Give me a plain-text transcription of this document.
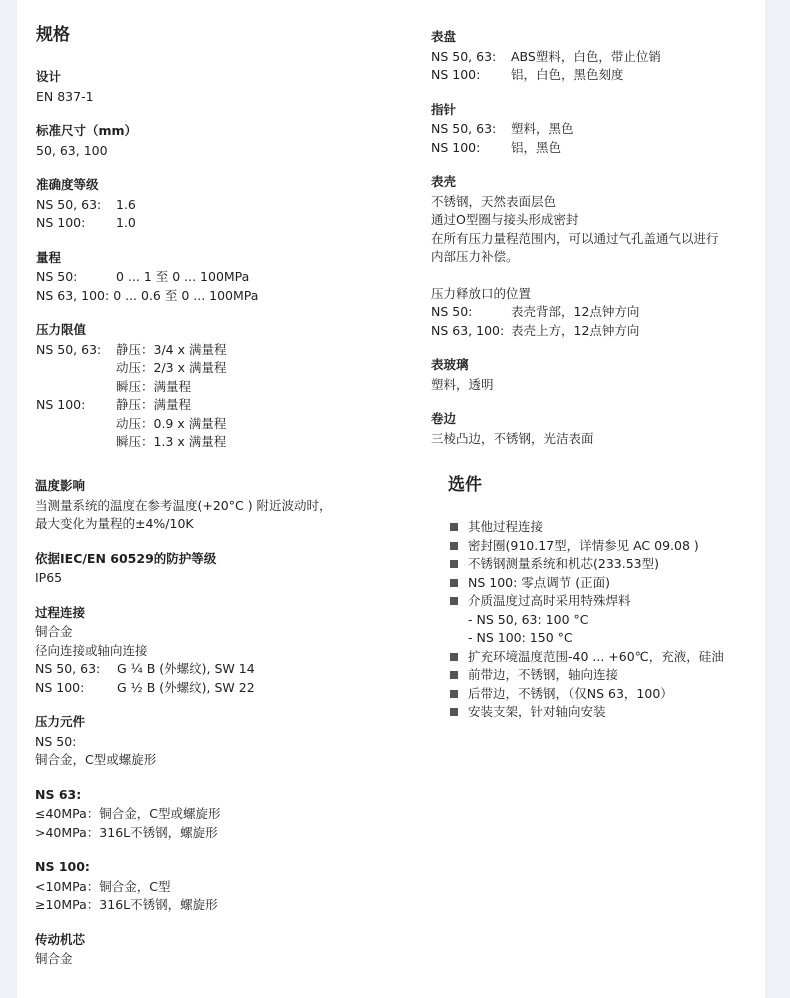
规格
设计
EN 837-1
标准尺寸（mm）
50, 63, 100
准确度等级
NS 50, 63:	1.6
NS 100:	1.0
量程
NS 50:	0 ... 1 至 0 ... 100MPa
NS 63, 100: 0 ... 0.6 至 0 ... 100MPa
压力限值
NS 50, 63:	静压：3/4 x 满量程
动压：2/3 x 满量程
瞬压：满量程
NS 100:	静压：满量程
动压：0.9 x 满量程
瞬压：1.3 x 满量程
表盘
NS 50, 63:	ABS塑料，白色，带止位销
NS 100:	铝，白色，黑色刻度
指针
NS 50, 63:	塑料，黑色
NS 100:	铝，黑色
表壳
不锈钢，天然表面层色
通过O型圈与接头形成密封
在所有压力量程范围内，可以通过气孔盖通气以进行
内部压力补偿。
压力释放口的位置
NS 50:	表壳背部，12点钟方向
NS 63, 100: 表壳上方，12点钟方向
表玻璃
塑料，透明
卷边
三棱凸边，不锈钢，光洁表面
温度影响
当测量系统的温度在参考温度(+20°C ) 附近波动时，
最大变化为量程的±4%/10K
依据IEC/EN 60529的防护等级
IP65
过程连接
铜合金
径向连接或轴向连接
NS 50, 63:	G ¼ B (外螺纹), SW 14
NS 100:	G ½ B (外螺纹), SW 22
压力元件
NS 50:
铜合金，C型或螺旋形
NS 63:
≤40MPa：铜合金，C型或螺旋形
>40MPa：316L不锈钢，螺旋形
NS 100:
<10MPa：铜合金，C型
≥10MPa：316L不锈钢，螺旋形
传动机芯
铜合金
选件
其他过程连接
密封圈(910.17型，详情参见 AC 09.08 )
不锈钢测量系统和机芯(233.53型)
NS 100: 零点调节 (正面)
介质温度过高时采用特殊焊料
- NS 50, 63: 100 °C
- NS 100: 150 °C
扩充环境温度范围-40 ... +60℃，充液，硅油
前带边，不锈钢，轴向连接
后带边，不锈钢，（仅NS 63，100）
安装支架，针对轴向安装
